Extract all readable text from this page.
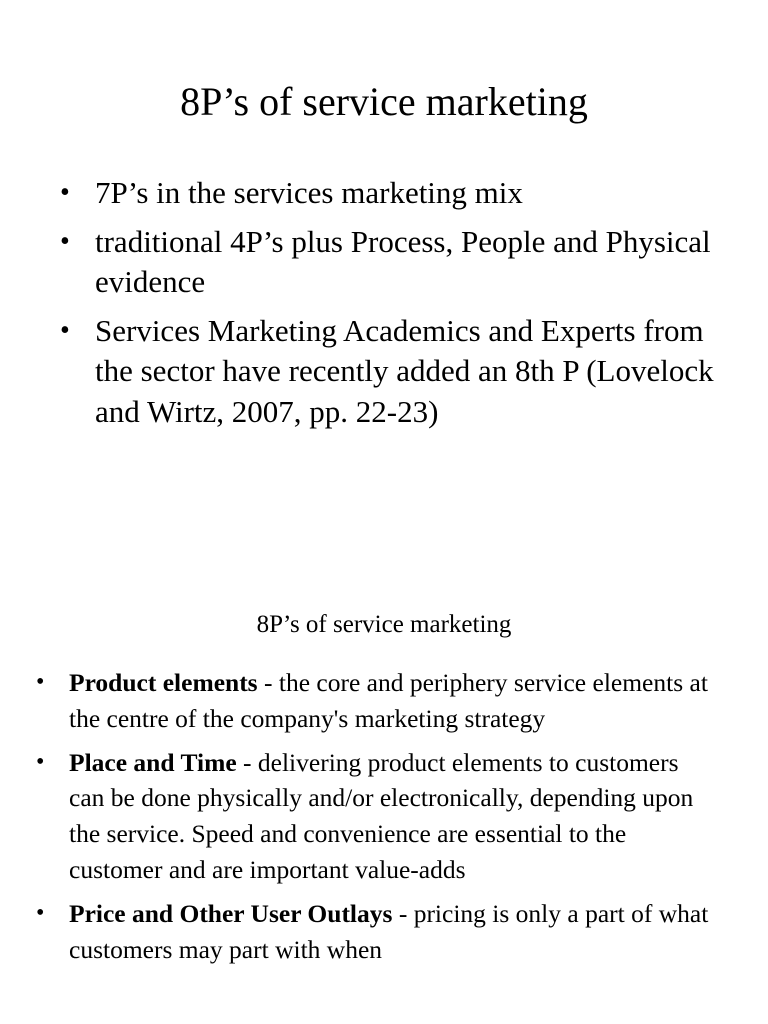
8P’s of service marketing
• 7P’s in the services marketing mix
• traditional 4P’s plus Process, People and Physical evidence
• Services Marketing Academics and Experts from the sector have recently added an 8th P (Lovelock and Wirtz, 2007, pp. 22-23)
8P’s of service marketing
• Product elements - the core and periphery service elements at the centre of the company's marketing strategy
• Place and Time - delivering product elements to customers can be done physically and/or electronically, depending upon the service. Speed and convenience are essential to the customer and are important value-adds
• Price and Other User Outlays - pricing is only a part of what customers may part with when
